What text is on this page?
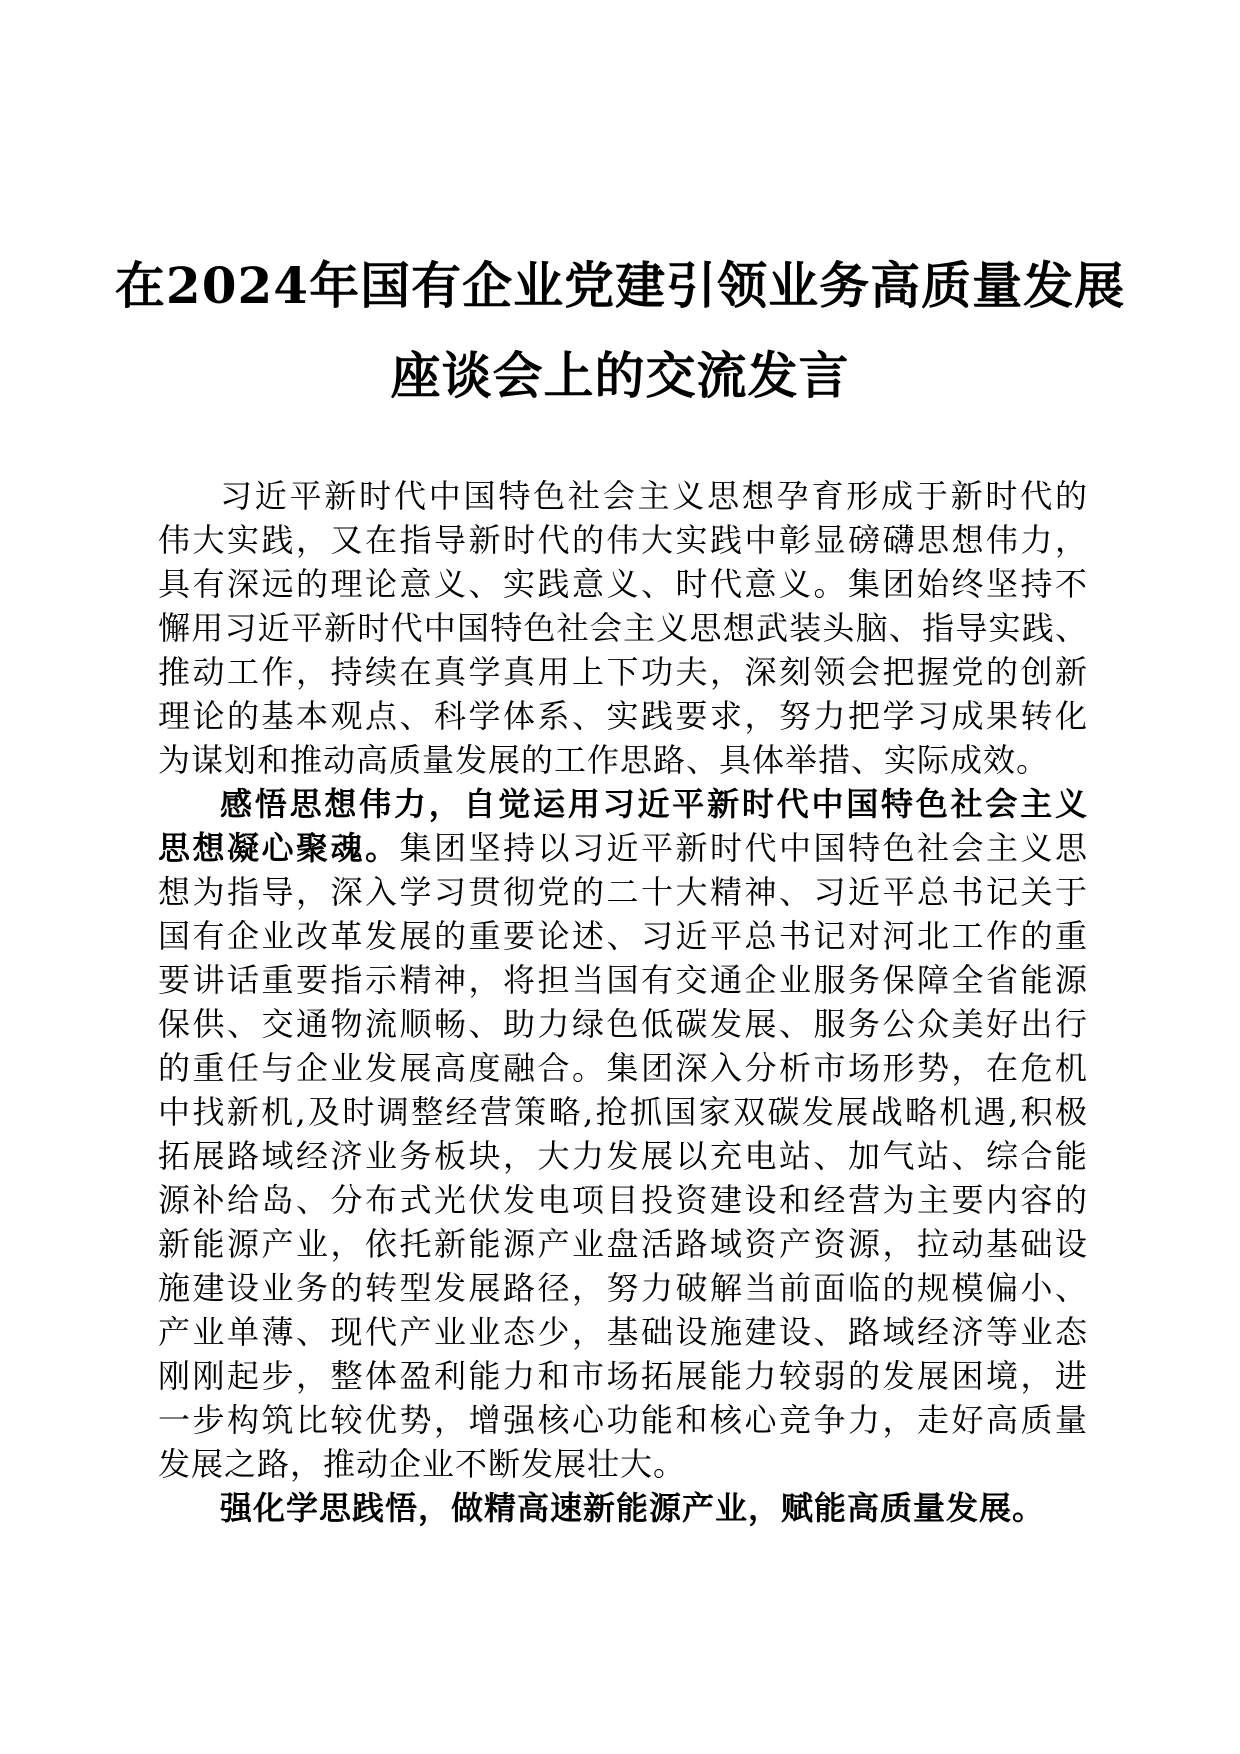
在2024年国有企业党建引领业务高质量发展
座谈会上的交流发言
习近平新时代中国特色社会主义思想孕育形成于新时代的
伟大实践，又在指导新时代的伟大实践中彰显磅礴思想伟力，
具有深远的理论意义、实践意义、时代意义。集团始终坚持不
懈用习近平新时代中国特色社会主义思想武装头脑、指导实践、
推动工作，持续在真学真用上下功夫，深刻领会把握党的创新
理论的基本观点、科学体系、实践要求，努力把学习成果转化
为谋划和推动高质量发展的工作思路、具体举措、实际成效。
感悟思想伟力，自觉运用习近平新时代中国特色社会主义
思想凝心聚魂。集团坚持以习近平新时代中国特色社会主义思
想为指导，深入学习贯彻党的二十大精神、习近平总书记关于
国有企业改革发展的重要论述、习近平总书记对河北工作的重
要讲话重要指示精神，将担当国有交通企业服务保障全省能源
保供、交通物流顺畅、助力绿色低碳发展、服务公众美好出行
的重任与企业发展高度融合。集团深入分析市场形势，在危机
中找新机,及时调整经营策略,抢抓国家双碳发展战略机遇,积极
拓展路域经济业务板块，大力发展以充电站、加气站、综合能
源补给岛、分布式光伏发电项目投资建设和经营为主要内容的
新能源产业，依托新能源产业盘活路域资产资源，拉动基础设
施建设业务的转型发展路径，努力破解当前面临的规模偏小、
产业单薄、现代产业业态少，基础设施建设、路域经济等业态
刚刚起步，整体盈利能力和市场拓展能力较弱的发展困境，进
一步构筑比较优势，增强核心功能和核心竞争力，走好高质量
发展之路，推动企业不断发展壮大。
强化学思践悟，做精高速新能源产业，赋能高质量发展。
